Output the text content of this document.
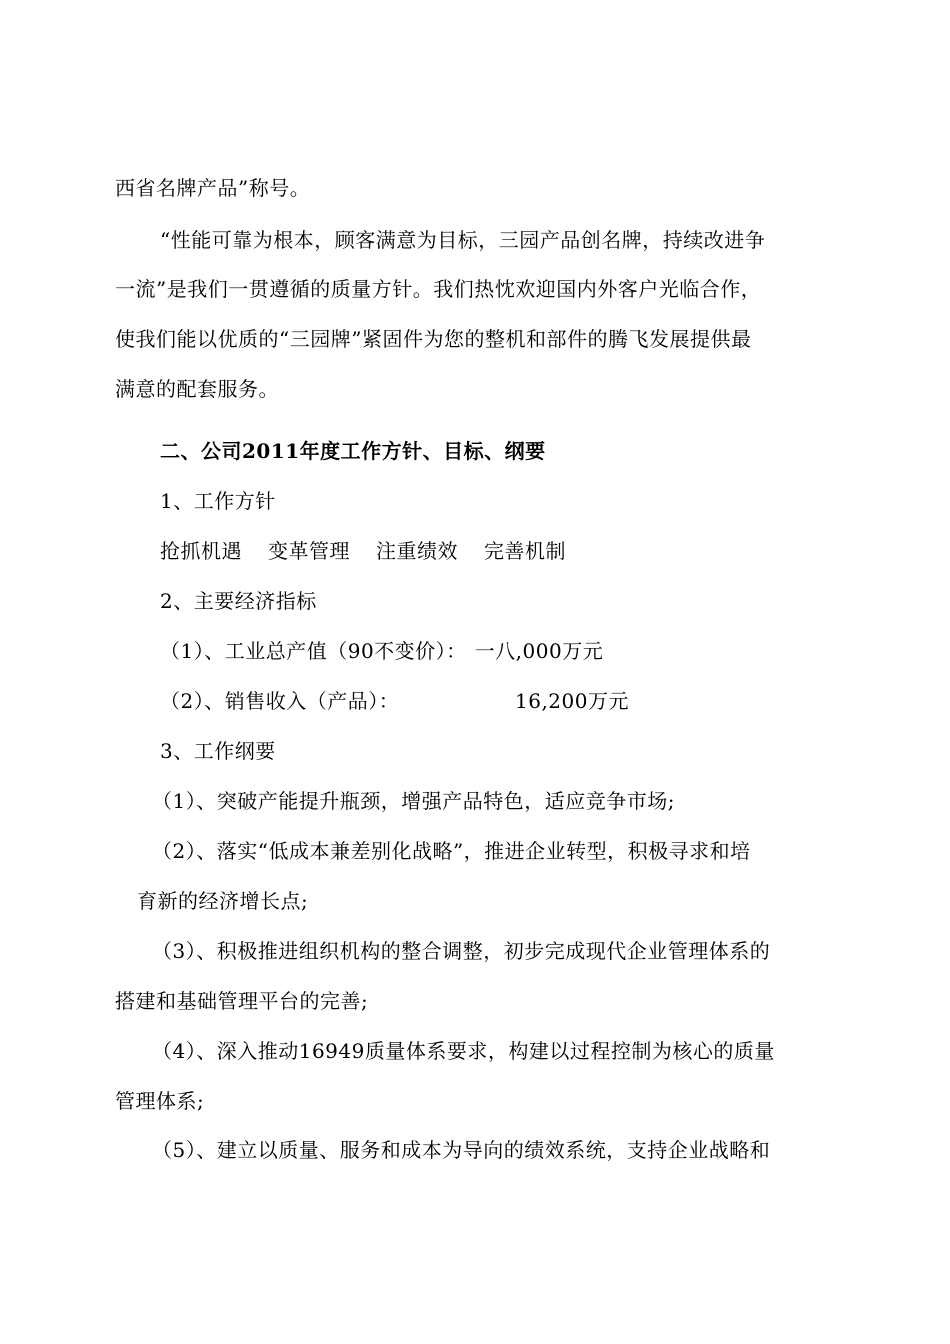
西省名牌产品”称号。
“性能可靠为根本，顾客满意为目标，三园产品创名牌，持续改进争
一流”是我们一贯遵循的质量方针。我们热忱欢迎国内外客户光临合作，
使我们能以优质的“三园牌”紧固件为您的整机和部件的腾飞发展提供最
满意的配套服务。
二、公司2011年度工作方针、目标、纲要
1、工作方针
抢抓机遇 变革管理 注重绩效 完善机制
2、主要经济指标
（1）、工业总产值（90不变价）： 一八,000万元
（2）、销售收入（产品）：	16,200万元
3、工作纲要
（1）、突破产能提升瓶颈，增强产品特色，适应竞争市场;
（2）、落实“低成本兼差别化战略”，推进企业转型，积极寻求和培
育新的经济增长点;
（3）、积极推进组织机构的整合调整，初步完成现代企业管理体系的
搭建和基础管理平台的完善;
（4）、深入推动16949质量体系要求，构建以过程控制为核心的质量
管理体系;
（5）、建立以质量、服务和成本为导向的绩效系统，支持企业战略和
